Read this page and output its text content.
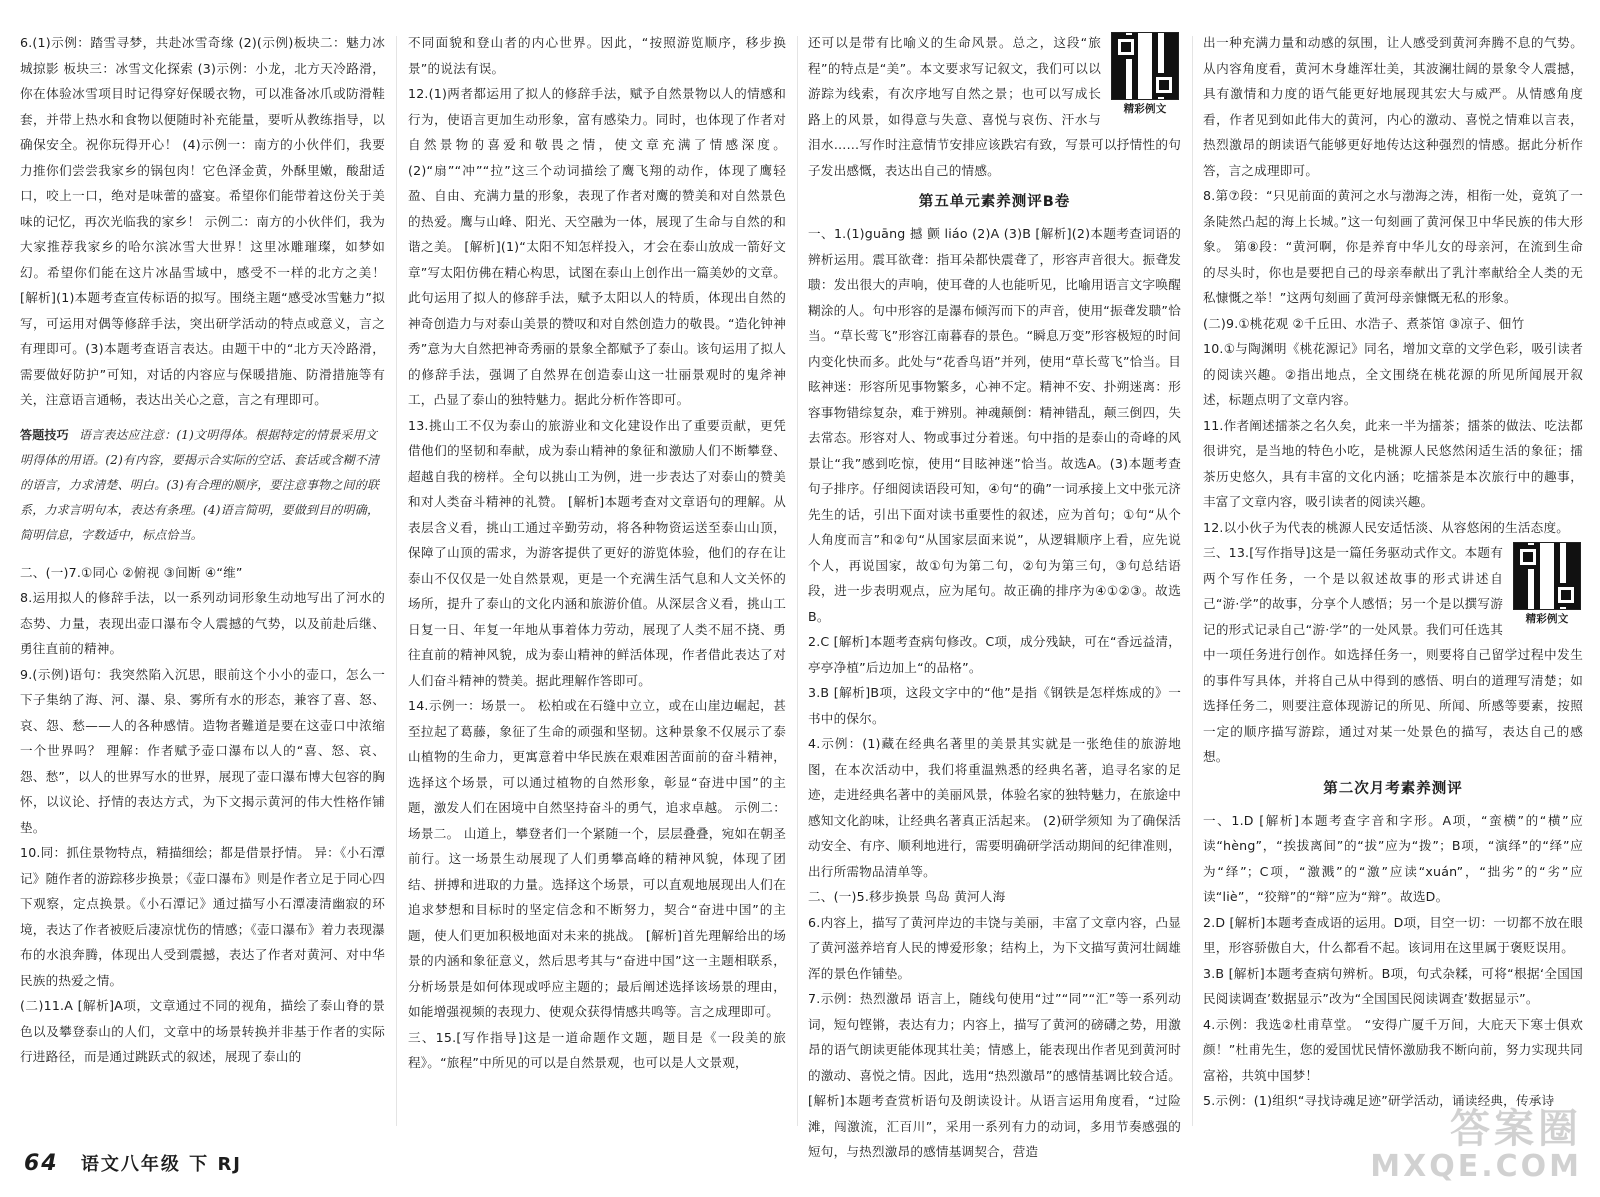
6.(1)示例：踏雪寻梦，共赴冰雪奇缘 (2)(示例)板块二：魅力冰城掠影 板块三：冰雪文化探索 (3)示例：小龙，北方天冷路滑，你在体验冰雪项目时记得穿好保暖衣物，可以准备冰爪或防滑鞋套，并带上热水和食物以便随时补充能量，要听从教练指导，以确保安全。祝你玩得开心！ (4)示例一：南方的小伙伴们，我要力推你们尝尝我家乡的锅包肉！它色泽金黄，外酥里嫩，酸甜适口，咬上一口，绝对是味蕾的盛宴。希望你们能带着这份关于美味的记忆，再次光临我的家乡！ 示例二：南方的小伙伴们，我为大家推荐我家乡的哈尔滨冰雪大世界！这里冰雕璀璨，如梦如幻。希望你们能在这片冰晶雪域中，感受不一样的北方之美！ [解析](1)本题考查宣传标语的拟写。围绕主题“感受冰雪魅力”拟写，可运用对偶等修辞手法，突出研学活动的特点或意义，言之有理即可。(3)本题考查语言表达。由题干中的“北方天冷路滑，需要做好防护”可知，对话的内容应与保暖措施、防滑措施等有关，注意语言通畅，表达出关心之意，言之有理即可。

答题技巧 语言表达应注意：(1)文明得体。根据特定的情景采用文明得体的用语。(2)有内容，要揭示合实际的空话、套话或含糊不清的语言，力求清楚、明白。(3)有合理的顺序，要注意事物之间的联系，力求言明句本，表达有条理。(4)语言简明，要做到目的明确，简明信息，字数适中，标点恰当。

二、(一)7.①同心 ②俯视 ③间断 ④“维”

8.运用拟人的修辞手法，以一系列动词形象生动地写出了河水的态势、力量，表现出壶口瀑布令人震撼的气势，以及前赴后继、勇往直前的精神。

9.(示例)语句：我突然陷入沉思，眼前这个小小的壶口，怎么一下子集纳了海、河、瀑、泉、雾所有水的形态，兼容了喜、怒、哀、怨、愁——人的各种感情。造物者難道是要在这壶口中浓缩一个世界吗？ 理解：作者赋予壶口瀑布以人的“喜、怒、哀、怨、愁”，以人的世界写水的世界，展现了壶口瀑布博大包容的胸怀，以议论、抒情的表达方式，为下文揭示黄河的伟大性格作铺垫。

10.同：抓住景物特点，精描细绘；都是借景抒情。 异：《小石潭记》随作者的游踪移步换景；《壶口瀑布》则是作者立足于同心四下观察，定点换景。《小石潭记》通过描写小石潭凄清幽寂的环境，表达了作者被贬后凄凉忧伤的情感；《壶口瀑布》着力表现瀑布的水浪奔腾，体现出人受到震撼，表达了作者对黄河、对中华民族的热爱之情。

(二)11.A [解析]A项，文章通过不同的视角，描绘了泰山脊的景色以及攀登泰山的人们，文章中的场景转换并非基于作者的实际行进路径，而是通过跳跃式的叙述，展现了泰山的

不同面貌和登山者的内心世界。因此，“按照游览顺序，移步换景”的说法有误。

12.(1)两者都运用了拟人的修辞手法，赋予自然景物以人的情感和行为，使语言更加生动形象，富有感染力。同时，也体现了作者对自然景物的喜爱和敬畏之情，使文章充满了情感深度。(2)“扇”“冲”“拉”这三个动词描绘了鹰飞翔的动作，体现了鹰轻盈、自由、充满力量的形象，表现了作者对鹰的赞美和对自然景色的热爱。鹰与山峰、阳光、天空融为一体，展现了生命与自然的和谐之美。 [解析](1)“太阳不知怎样投入，才会在泰山放成一箭好文章”写太阳仿佛在精心构思，试图在泰山上创作出一篇美妙的文章。此句运用了拟人的修辞手法，赋予太阳以人的特质，体现出自然的神奇创造力与对泰山美景的赞叹和对自然创造力的敬畏。“造化钟神秀”意为大自然把神奇秀丽的景象全都赋予了泰山。该句运用了拟人的修辞手法，强调了自然界在创造泰山这一壮丽景观时的鬼斧神工，凸显了泰山的独特魅力。据此分析作答即可。

13.挑山工不仅为泰山的旅游业和文化建设作出了重要贡献，更凭借他们的坚韧和奉献，成为泰山精神的象征和激励人们不断攀登、超越自我的榜样。全句以挑山工为例，进一步表达了对泰山的赞美和对人类奋斗精神的礼赞。 [解析]本题考查对文章语句的理解。从表层含义看，挑山工通过辛勤劳动，将各种物资运送至泰山山顶，保障了山顶的需求，为游客提供了更好的游览体验，他们的存在让泰山不仅仅是一处自然景观，更是一个充满生活气息和人文关怀的场所，提升了泰山的文化内涵和旅游价值。从深层含义看，挑山工日复一日、年复一年地从事着体力劳动，展现了人类不屈不挠、勇往直前的精神风貌，成为泰山精神的鲜活体现，作者借此表达了对人们奋斗精神的赞美。据此理解作答即可。

14.示例一：场景一。 松柏或在石缝中立立，或在山崖边崛起，甚至拉起了葛藤，象征了生命的顽强和坚韧。这种景象不仅展示了泰山植物的生命力，更寓意着中华民族在艰难困苦面前的奋斗精神，选择这个场景，可以通过植物的自然形象，彰显“奋进中国”的主题，激发人们在困境中自然坚持奋斗的勇气，追求卓越。 示例二：场景二。 山道上，攀登者们一个紧随一个，层层叠叠，宛如在朝圣前行。这一场景生动展现了人们勇攀高峰的精神风貌，体现了团结、拼搏和进取的力量。选择这个场景，可以直观地展现出人们在追求梦想和目标时的坚定信念和不断努力，契合“奋进中国”的主题，使人们更加积极地面对未来的挑战。 [解析]首先理解给出的场景的内涵和象征意义，然后思考其与“奋进中国”这一主题相联系，分析场景是如何体现或呼应主题的；最后阐述选择该场景的理由，如能增强视频的表现力、使观众获得情感共鸣等。言之成理即可。

三、15.[写作指导]这是一道命题作文题，题目是《一段美的旅程》。“旅程”中所见的可以是自然景观，也可以是人文景观，

精彩例文

还可以是带有比喻义的生命风景。总之，这段“旅程”的特点是“美”。本文要求写记叙文，我们可以以游踪为线索，有次序地写自然之景；也可以写成长路上的风景，如得意与失意、喜悦与哀伤、汗水与泪水……写作时注意情节安排应该跌宕有致，写景可以抒情性的句子发出感慨，表达出自己的情感。

第五单元素养测评B卷

一、1.(1)guāng 撼 颤 liáo (2)A (3)B [解析](2)本题考查词语的辨析运用。震耳欲聋：指耳朵都快震聋了，形容声音很大。振聋发聩：发出很大的声响，使耳聋的人也能听见，比喻用语言文字唤醒糊涂的人。句中形容的是瀑布倾泻而下的声音，使用“振聋发聩”恰当。“草长莺飞”形容江南暮春的景色。“瞬息万变”形容极短的时间内变化快而多。此处与“花香鸟语”并列，使用“草长莺飞”恰当。目眩神迷：形容所见事物繁多，心神不定。精神不安、扑朔迷离：形容事物错综复杂，难于辨别。神魂颠倒：精神错乱，颠三倒四，失去常态。形容对人、物或事过分着迷。句中指的是泰山的奇峰的风景让“我”感到吃惊，使用“目眩神迷”恰当。故选A。(3)本题考查句子排序。仔细阅读语段可知，④句“的确”一词承接上文中张元济先生的话，引出下面对读书重要性的叙述，应为首句；①句“从个人角度而言”和②句“从国家层面来说”，从逻辑顺序上看，应先说个人，再说国家，故①句为第二句，②句为第三句，③句总结语段，进一步表明观点，应为尾句。故正确的排序为④①②③。故选B。

2.C [解析]本题考查病句修改。C项，成分残缺，可在“香远益清，亭亭净植”后边加上“的品格”。

3.B [解析]B项，这段文字中的“他”是指《钢铁是怎样炼成的》一书中的保尔。

4.示例：(1)藏在经典名著里的美景其实就是一张绝佳的旅游地图，在本次活动中，我们将重温熟悉的经典名著，追寻名家的足迹，走进经典名著中的美丽风景，体验名家的独特魅力，在旅途中感知文化韵味，让经典名著真正活起来。 (2)研学须知 为了确保活动安全、有序、顺利地进行，需要明确研学活动期间的纪律准则，出行所需物品清单等。

二、(一)5.移步换景 鸟岛 黄河人海

6.内容上，描写了黄河岸边的丰饶与美丽，丰富了文章内容，凸显了黄河滋养培育人民的博爱形象；结构上，为下文描写黄河壮阔雄浑的景色作铺垫。

7.示例：热烈激昂 语言上，随线句使用“过”“同”“汇”等一系列动词，短句铿锵，表达有力；内容上，描写了黄河的磅礴之势，用激昂的语气朗读更能体现其壮美；情感上，能表现出作者见到黄河时的激动、喜悦之情。因此，选用“热烈激昂”的感情基调比较合适。 [解析]本题考查赏析语句及朗读设计。从语言运用角度看，“过险滩，闯激流，汇百川”，采用一系列有力的动词，多用节奏感强的短句，与热烈激昂的感情基调契合，营造

出一种充满力量和动感的氛围，让人感受到黄河奔腾不息的气势。从内容角度看，黄河木身雄浑壮美，其波澜壮阔的景象令人震撼，具有激情和力度的语气能更好地展现其宏大与威严。从情感角度看，作者见到如此伟大的黄河，内心的激动、喜悦之情难以言表，热烈激昂的朗读语气能够更好地传达这种强烈的情感。据此分析作答，言之成理即可。

8.第⑦段：“只见前面的黄河之水与渤海之涛，相衔一处，竟筑了一条陡然凸起的海上长城。”这一句刻画了黄河保卫中华民族的伟大形象。 第⑧段：“黄河啊，你是养育中华儿女的母亲河，在流到生命的尽头时，你也是要把自己的母亲奉献出了乳汁率献给全人类的无私慷慨之举！”这两句刻画了黄河母亲慷慨无私的形象。

(二)9.①桃花观 ②千丘田、水浩子、煮茶馆 ③凉子、佃竹

10.①与陶渊明《桃花源记》同名，增加文章的文学色彩，吸引读者的阅读兴趣。②指出地点，全文围绕在桃花源的所见所闻展开叙述，标题点明了文章内容。

11.作者阐述擂茶之名久矣，此来一半为擂茶；擂茶的做法、吃法都很讲究，是当地的特色小吃，是桃源人民悠然闲适生活的象征；擂茶历史悠久，具有丰富的文化内涵；吃擂茶是本次旅行中的趣事，丰富了文章内容，吸引读者的阅读兴趣。

12.以小伙子为代表的桃源人民安适恬淡、从容悠闲的生活态度。

精彩例文

三、13.[写作指导]这是一篇任务驱动式作文。本题有两个写作任务，一个是以叙述故事的形式讲述自己“游·学”的故事，分享个人感悟；另一个是以撰写游记的形式记录自己“游·学”的一处风景。我们可任选其中一项任务进行创作。如选择任务一，则要将自己留学过程中发生的事件写具体，并将自己从中得到的感悟、明白的道理写清楚；如选择任务二，则要注意体现游记的所见、所闻、所感等要素，按照一定的顺序描写游踪，通过对某一处景色的描写，表达自己的感想。

第二次月考素养测评

一、1.D [解析]本题考查字音和字形。A项，“蛮横”的“横”应读“hèng”，“挨拔离间”的“拔”应为“拨”；B项，“演绎”的“绎”应为“绎”；C项，“激溅”的“激”应读“xuán”，“拙劣”的“劣”应读“liè”，“狡辩”的“辩”应为“辩”。故选D。

2.D [解析]本题考查成语的运用。D项，目空一切：一切都不放在眼里，形容骄傲自大，什么都看不起。该词用在这里属于褒贬误用。

3.B [解析]本题考查病句辨析。B项，句式杂糅，可将“根据‘全国国民阅读调查’数据显示”改为“全国国民阅读调查’数据显示”。

4.示例：我选②杜甫草堂。 “安得广厦千万间，大庇天下寒士俱欢颜！”杜甫先生，您的爱国忧民情怀激励我不断向前，努力实现共同富裕，共筑中国梦！

5.示例：(1)组织“寻找诗魂足迹”研学活动，诵读经典，传承诗

64 语文八年级 下 RJ
答案圈
MXQE.COM
